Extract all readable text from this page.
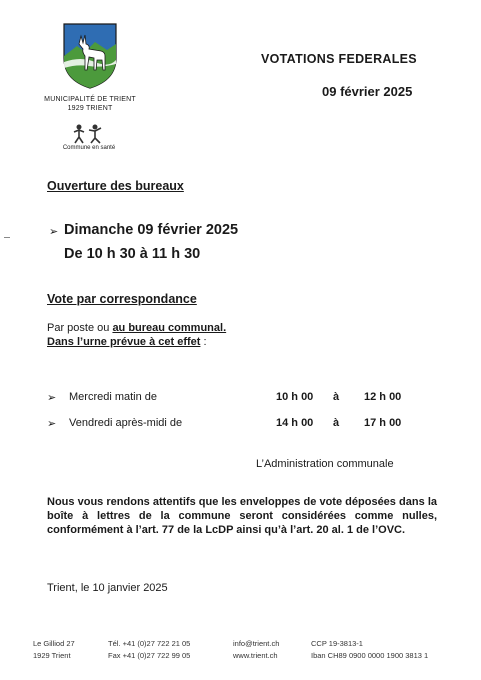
MUNICIPALITÉ DE TRIENT
1929 TRIENT
Commune en santé
VOTATIONS FEDERALES
09 février 2025
Ouverture des bureaux
➢ Dimanche 09 février 2025
De 10 h 30 à 11 h 30
Vote par correspondance
Par poste ou au bureau communal.
Dans l’urne prévue à cet effet :
➢ Mercredi matin de	10 h 00 à 12 h 00
➢ Vendredi après-midi de	14 h 00 à 17 h 00
L’Administration communale
Nous vous rendons attentifs que les enveloppes de vote déposées dans la boîte à lettres de la commune seront considérées comme nulles, conformément à l’art. 77 de la LcDP ainsi qu’à l’art. 20 al. 1 de l’OVC.
Trient, le 10 janvier 2025
Le Gilliod 27
1929 Trient
Tél. +41 (0)27 722 21 05
Fax +41 (0)27 722 99 05
info@trient.ch
www.trient.ch
CCP 19-3813-1
Iban CH89 0900 0000 1900 3813 1
